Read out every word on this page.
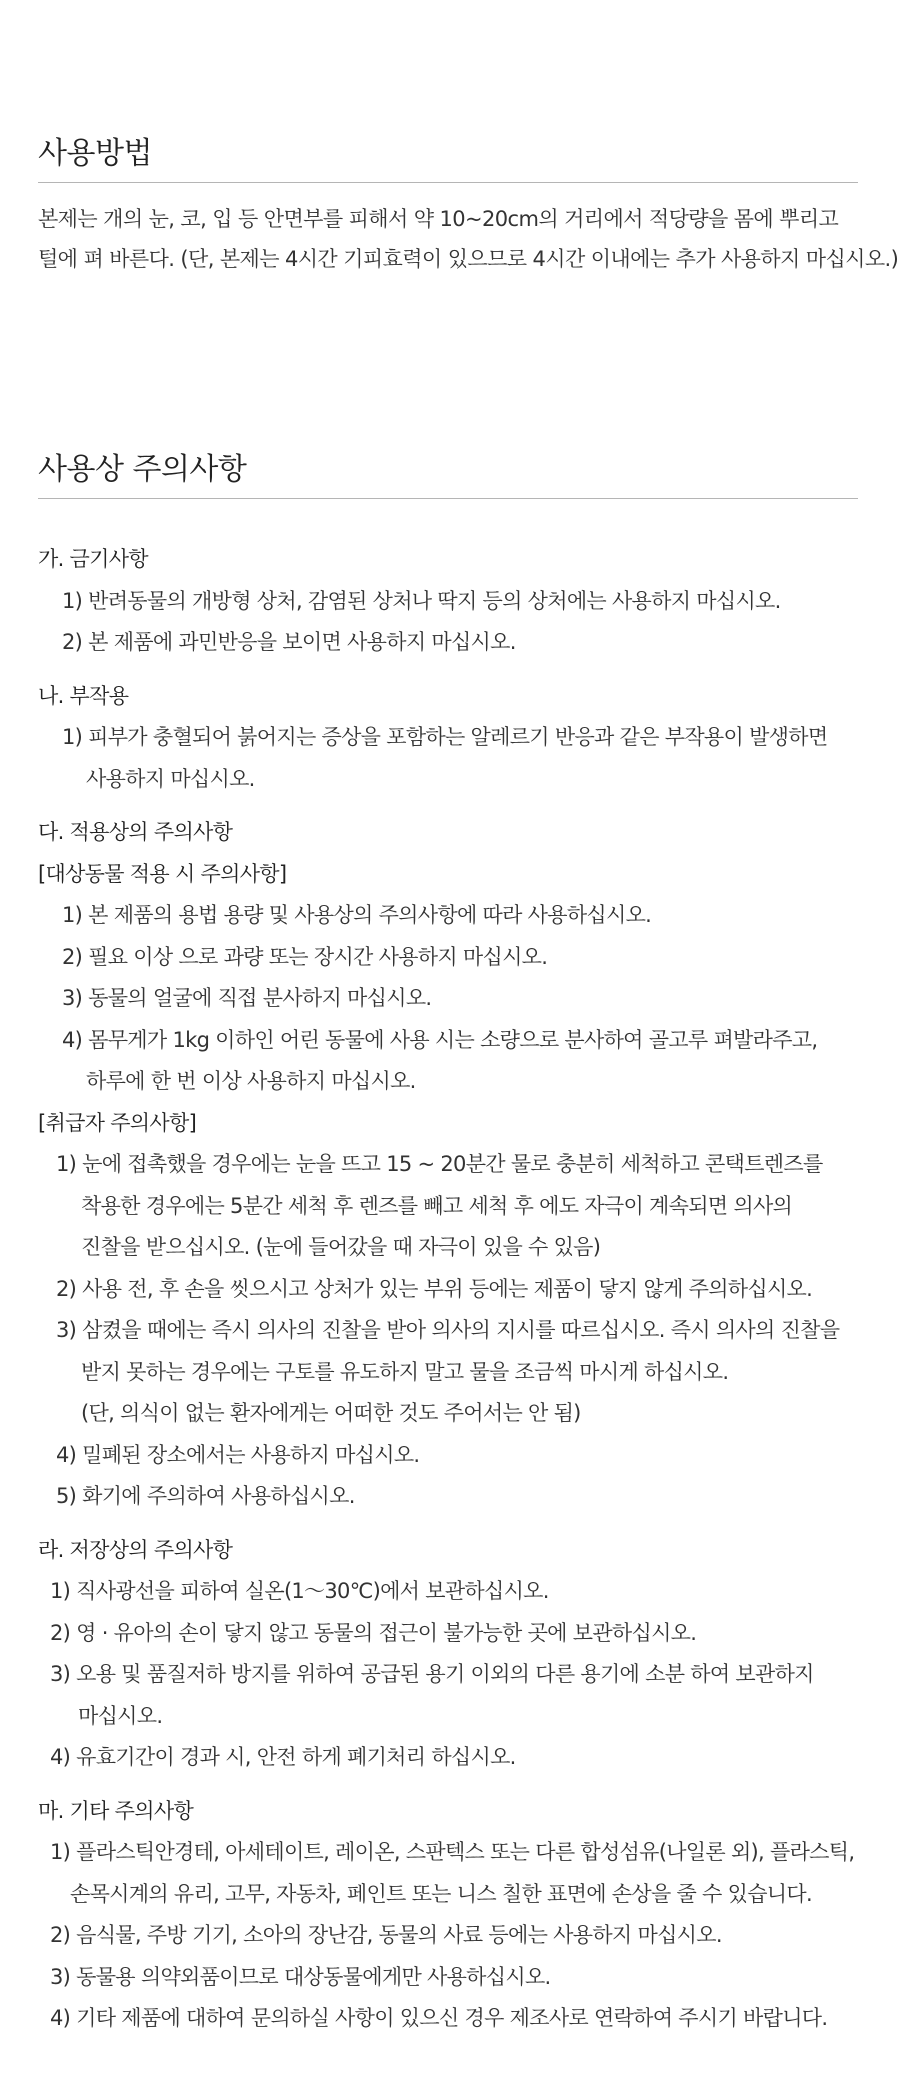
사용방법
본제는 개의 눈, 코, 입 등 안면부를 피해서 약 10~20cm의 거리에서 적당량을 몸에 뿌리고
털에 펴 바른다. (단, 본제는 4시간 기피효력이 있으므로 4시간 이내에는 추가 사용하지 마십시오.)
사용상 주의사항
가. 금기사항
1) 반려동물의 개방형 상처, 감염된 상처나 딱지 등의 상처에는 사용하지 마십시오.
2) 본 제품에 과민반응을 보이면 사용하지 마십시오.
나. 부작용
1) 피부가 충혈되어 붉어지는 증상을 포함하는 알레르기 반응과 같은 부작용이 발생하면
사용하지 마십시오.
다. 적용상의 주의사항
[대상동물 적용 시 주의사항]
1) 본 제품의 용법 용량 및 사용상의 주의사항에 따라 사용하십시오.
2) 필요 이상 으로 과량 또는 장시간 사용하지 마십시오.
3) 동물의 얼굴에 직접 분사하지 마십시오.
4) 몸무게가 1kg 이하인 어린 동물에 사용 시는 소량으로 분사하여 골고루 펴발라주고,
하루에 한 번 이상 사용하지 마십시오.
[취급자 주의사항]
1) 눈에 접촉했을 경우에는 눈을 뜨고 15 ~ 20분간 물로 충분히 세척하고 콘택트렌즈를
착용한 경우에는 5분간 세척 후 렌즈를 빼고 세척 후 에도 자극이 계속되면 의사의
진찰을 받으십시오. (눈에 들어갔을 때 자극이 있을 수 있음)
2) 사용 전, 후 손을 씻으시고 상처가 있는 부위 등에는 제품이 닿지 않게 주의하십시오.
3) 삼켰을 때에는 즉시 의사의 진찰을 받아 의사의 지시를 따르십시오. 즉시 의사의 진찰을
받지 못하는 경우에는 구토를 유도하지 말고 물을 조금씩 마시게 하십시오.
(단, 의식이 없는 환자에게는 어떠한 것도 주어서는 안 됨)
4) 밀폐된 장소에서는 사용하지 마십시오.
5) 화기에 주의하여 사용하십시오.
라. 저장상의 주의사항
1) 직사광선을 피하여 실온(1～30℃)에서 보관하십시오.
2) 영 · 유아의 손이 닿지 않고 동물의 접근이 불가능한 곳에 보관하십시오.
3) 오용 및 품질저하 방지를 위하여 공급된 용기 이외의 다른 용기에 소분 하여 보관하지
마십시오.
4) 유효기간이 경과 시, 안전 하게 폐기처리 하십시오.
마. 기타 주의사항
1) 플라스틱안경테, 아세테이트, 레이온, 스판텍스 또는 다른 합성섬유(나일론 외), 플라스틱,
손목시계의 유리, 고무, 자동차, 페인트 또는 니스 칠한 표면에 손상을 줄 수 있습니다.
2) 음식물, 주방 기기, 소아의 장난감, 동물의 사료 등에는 사용하지 마십시오.
3) 동물용 의약외품이므로 대상동물에게만 사용하십시오.
4) 기타 제품에 대하여 문의하실 사항이 있으신 경우 제조사로 연락하여 주시기 바랍니다.
